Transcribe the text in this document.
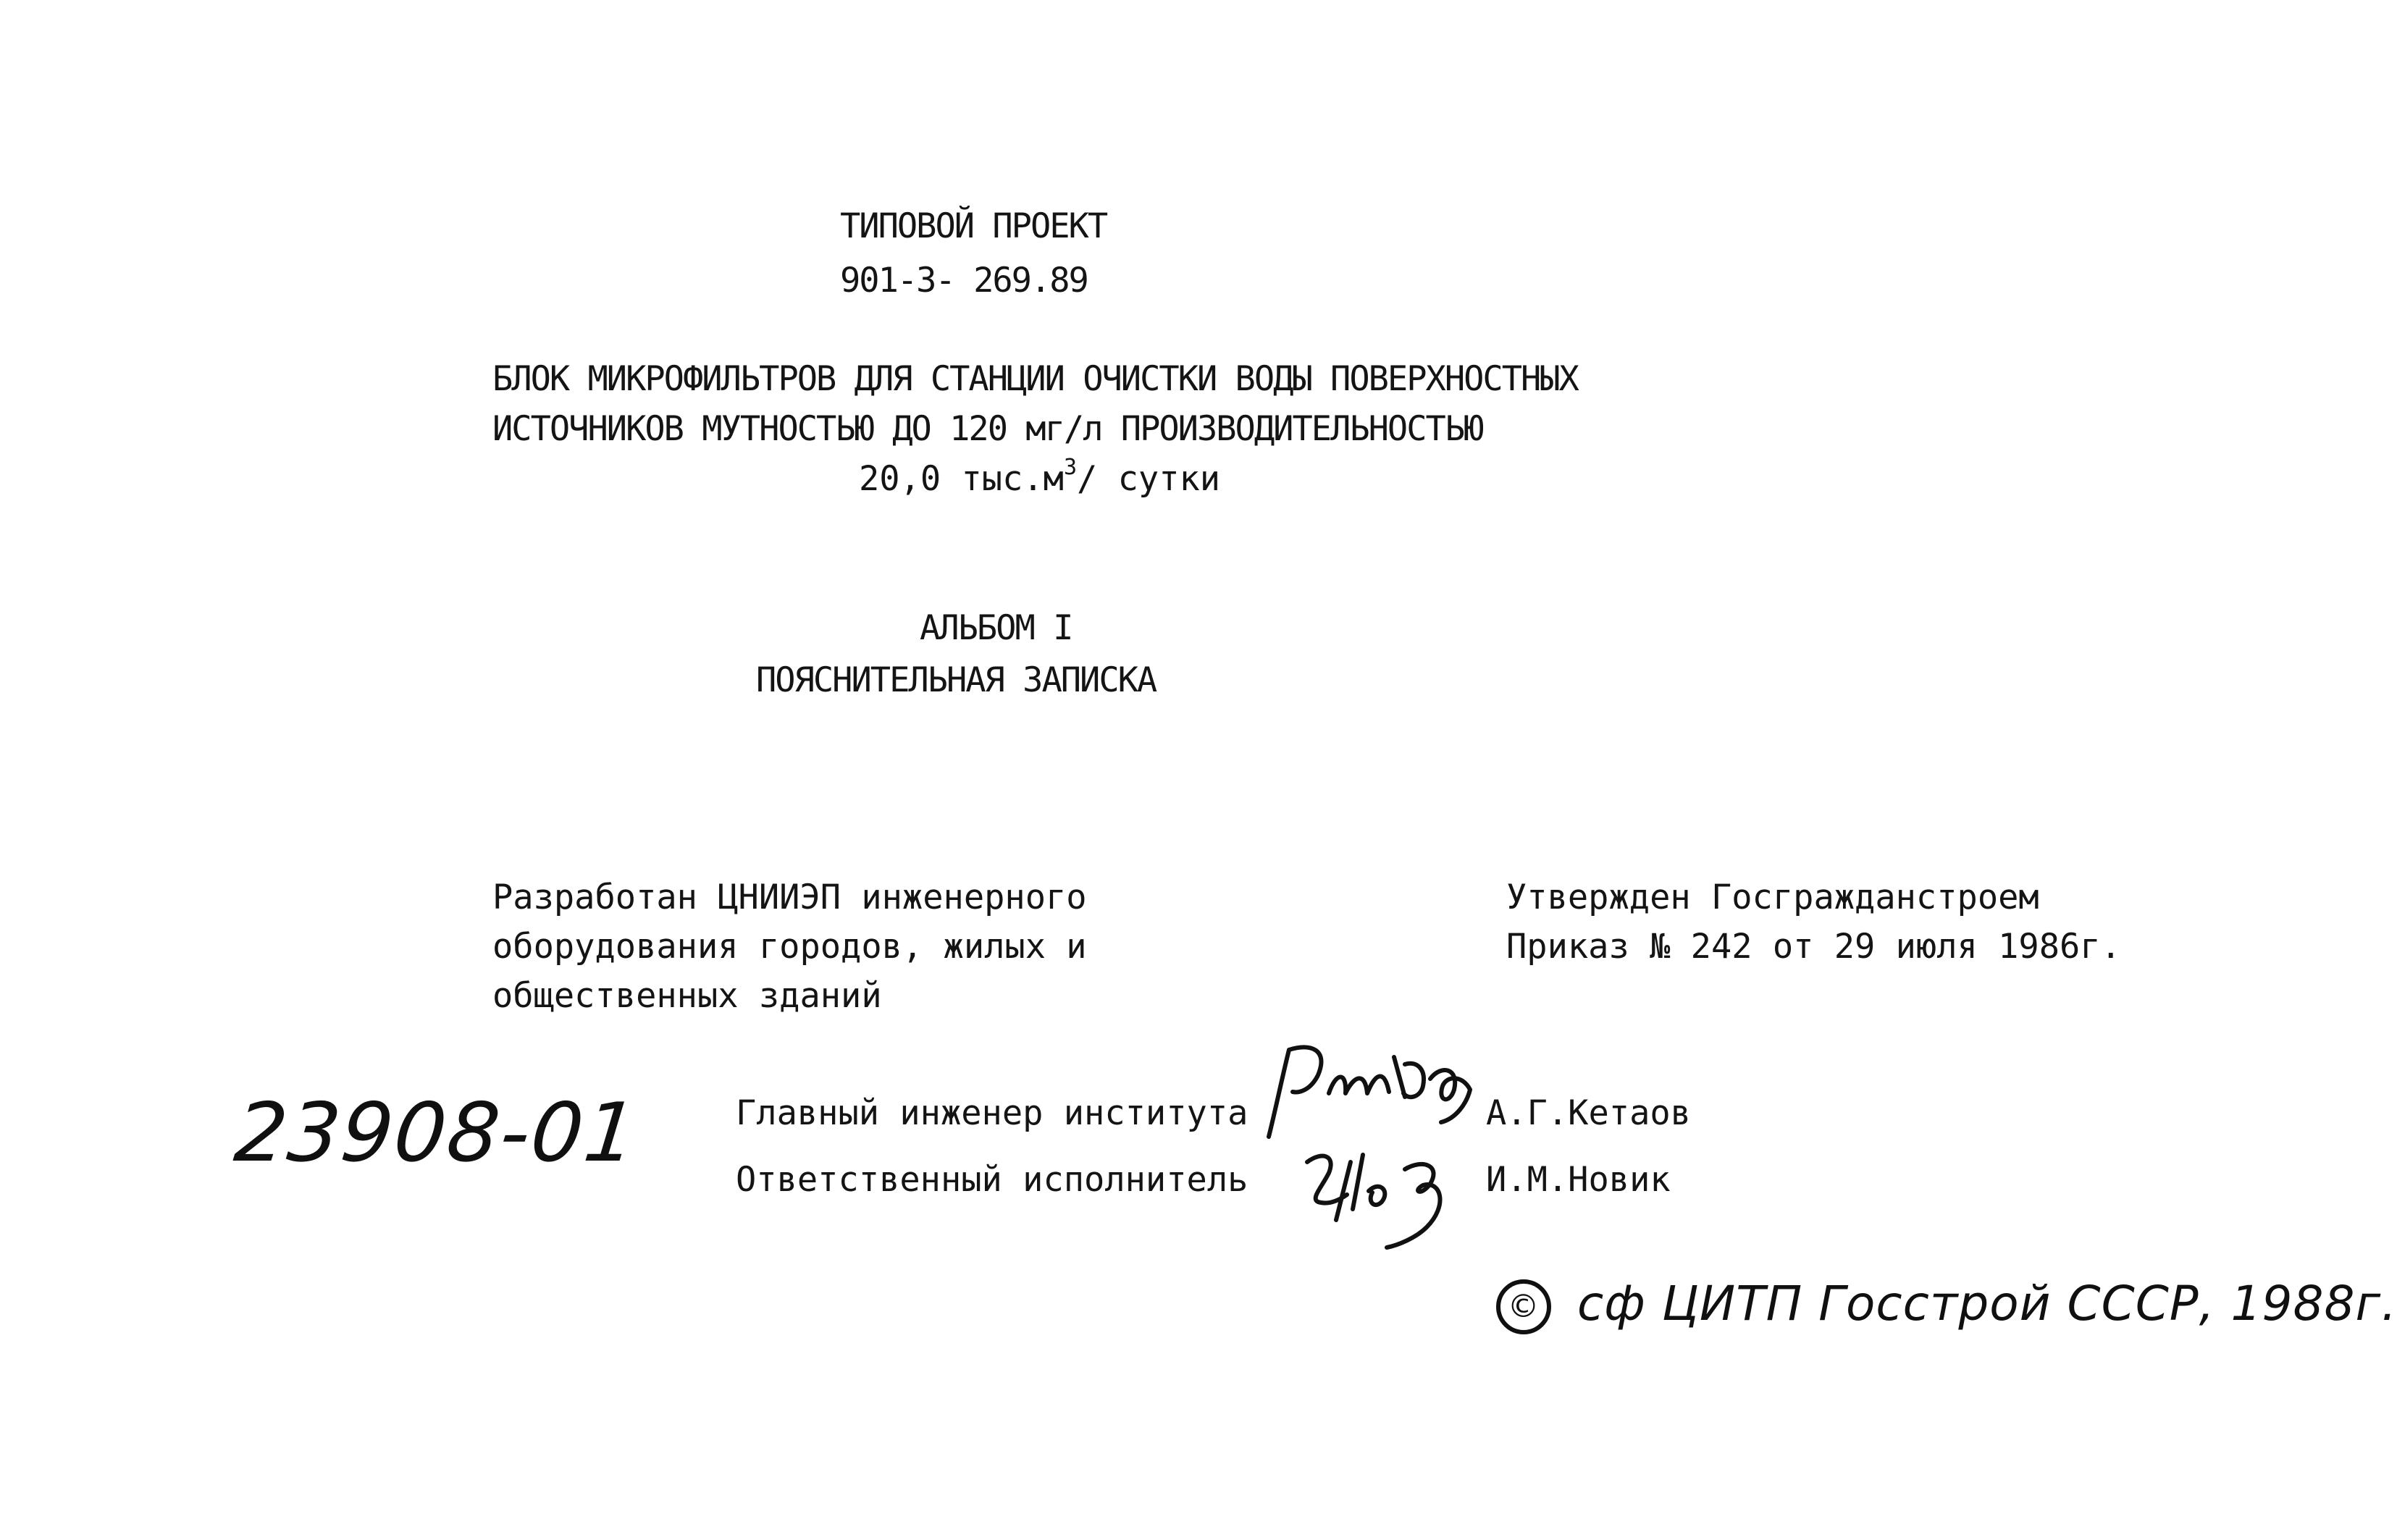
ТИПОВОЙ ПРОЕКТ
901-3- 269.89
БЛОК МИКРОФИЛЬТРОВ ДЛЯ СТАНЦИИ ОЧИСТКИ ВОДЫ ПОВЕРХНОСТНЫХ
ИСТОЧНИКОВ МУТНОСТЬЮ ДО 120 мг/л ПРОИЗВОДИТЕЛЬНОСТЬЮ
20,0 $тыс.м^3/$ сутки
АЛЬБОМ I
ПОЯСНИТЕЛЬНАЯ ЗАПИСКА
Разработан ЦНИИЭП инженерного
оборудования городов, жилых и
общественных зданий
Утвержден Госгражданстроем
Приказ № 242 от 29 июля 1986г.
23908-01	Главный инженер института	А.Г.Кетаов
Ответственный исполнитель	И.М.Новик
© сф ЦИТП Госстрой СССР, 1988г.
